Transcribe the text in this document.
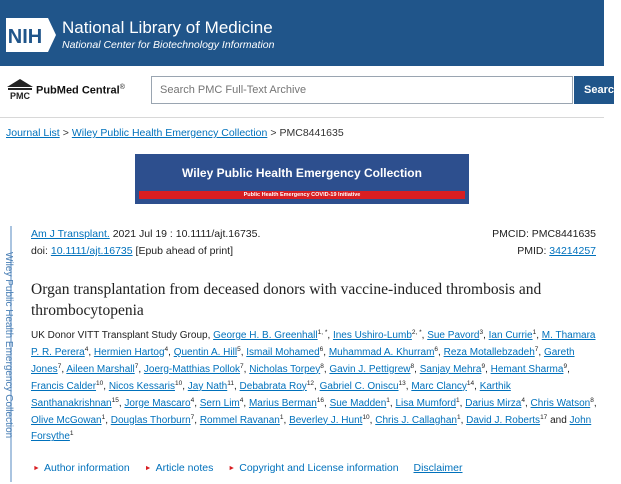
NIH National Library of Medicine
National Center for Biotechnology Information
PMC PubMed Central®
Search PMC Full-Text Archive	Search
Journal List > Wiley Public Health Emergency Collection > PMC8441635
Wiley Public Health Emergency Collection
Public Health Emergency COVID-19 Initiative
Wiley Public Health Emergency Collection
Am J Transplant. 2021 Jul 19 : 10.1111/ajt.16735.
doi: 10.1111/ajt.16735 [Epub ahead of print]
PMCID: PMC8441635
PMID: 34214257
Organ transplantation from deceased donors with vaccine-induced thrombosis and thrombocytopenia
UK Donor VITT Transplant Study Group, George H. B. Greenhall$^{1, *}$, Ines Ushiro-Lumb$^{2, *}$, Sue Pavord$^3$, Ian Currie$^1$, M. Thamara P. R. Perera$^4$, Hermien Hartog$^4$, Quentin A. Hill$^5$, Ismail Mohamed$^6$, Muhammad A. Khurram$^6$, Reza Motallebzadeh$^7$, Gareth Jones$^7$, Aileen Marshall$^7$, Joerg-Matthias Pollok$^7$, Nicholas Torpey$^8$, Gavin J. Pettigrew$^8$, Sanjay Mehra$^9$, Hemant Sharma$^9$, Francis Calder$^{10}$, Nicos Kessaris$^{10}$, Jay Nath$^{11}$, Debabrata Roy$^{12}$, Gabriel C. Oniscu$^{13}$, Marc Clancy$^{14}$, Karthik Santhanakrishnan$^{15}$, Jorge Mascaro$^4$, Sern Lim$^4$, Marius Berman$^{16}$, Sue Madden$^1$, Lisa Mumford$^1$, Darius Mirza$^4$, Chris Watson$^8$, Olive McGowan$^1$, Douglas Thorburn$^7$, Rommel Ravanan$^1$, Beverley J. Hunt$^{10}$, Chris J. Callaghan$^1$, David J. Roberts$^{17}$ and John Forsythe$^1$
► Author information ► Article notes ► Copyright and License information Disclaimer
